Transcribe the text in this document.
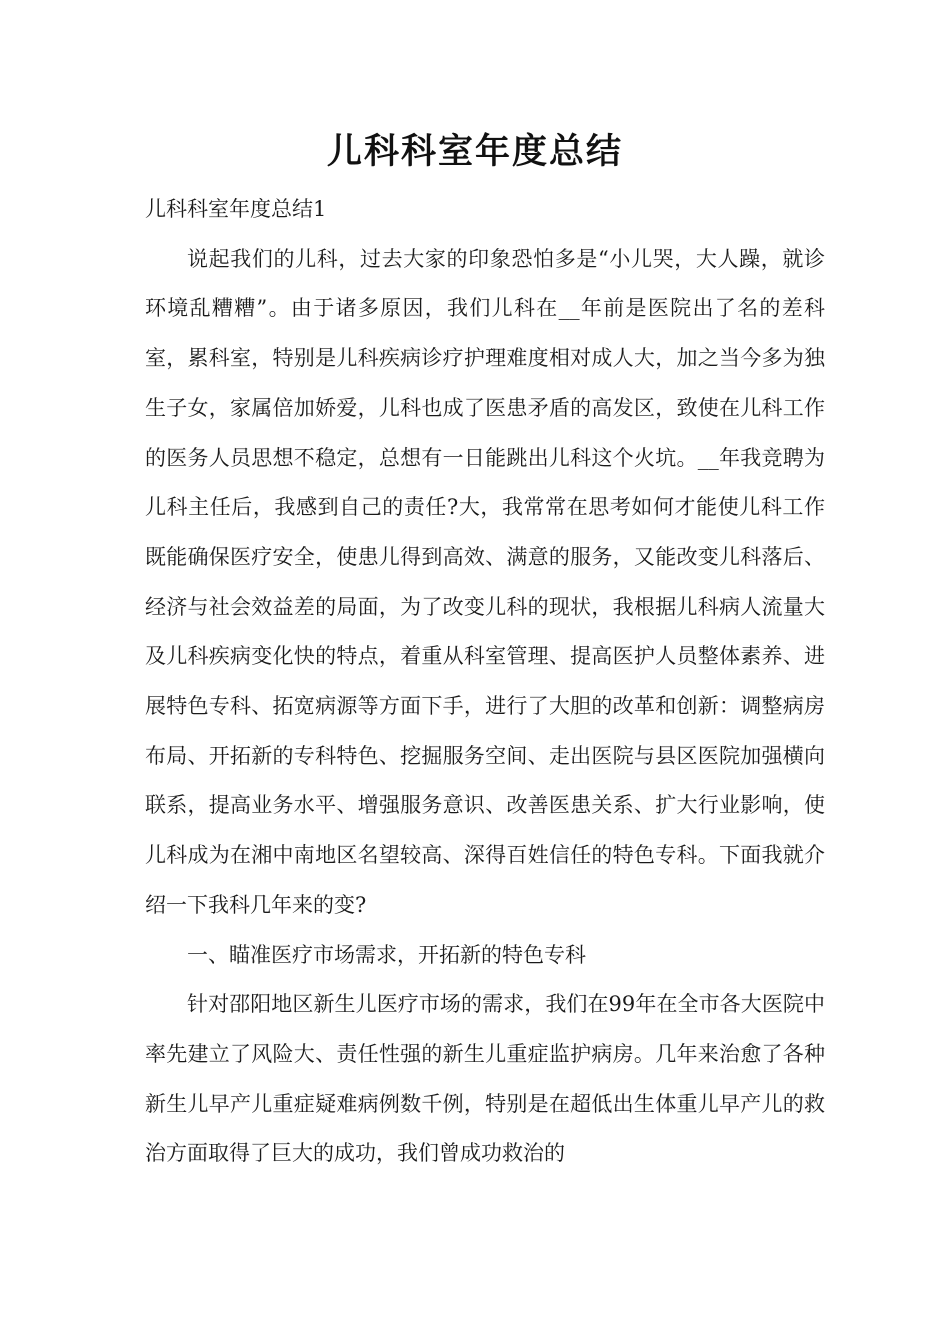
儿科科室年度总结

儿科科室年度总结1

说起我们的儿科，过去大家的印象恐怕多是“小儿哭，大人躁，就诊环境乱糟糟”。由于诸多原因，我们儿科在__年前是医院出了名的差科室，累科室，特别是儿科疾病诊疗护理难度相对成人大，加之当今多为独生子女，家属倍加娇爱，儿科也成了医患矛盾的高发区，致使在儿科工作的医务人员思想不稳定，总想有一日能跳出儿科这个火坑。__年我竞聘为儿科主任后，我感到自己的责任?大，我常常在思考如何才能使儿科工作既能确保医疗安全，使患儿得到高效、满意的服务，又能改变儿科落后、经济与社会效益差的局面，为了改变儿科的现状，我根据儿科病人流量大及儿科疾病变化快的特点，着重从科室管理、提高医护人员整体素养、进展特色专科、拓宽病源等方面下手，进行了大胆的改革和创新：调整病房布局、开拓新的专科特色、挖掘服务空间、走出医院与县区医院加强横向联系，提高业务水平、增强服务意识、改善医患关系、扩大行业影响，使儿科成为在湘中南地区名望较高、深得百姓信任的特色专科。下面我就介绍一下我科几年来的变?

一、瞄准医疗市场需求，开拓新的特色专科

针对邵阳地区新生儿医疗市场的需求，我们在99年在全市各大医院中率先建立了风险大、责任性强的新生儿重症监护病房。几年来治愈了各种新生儿早产儿重症疑难病例数千例，特别是在超低出生体重儿早产儿的救治方面取得了巨大的成功，我们曾成功救治的
